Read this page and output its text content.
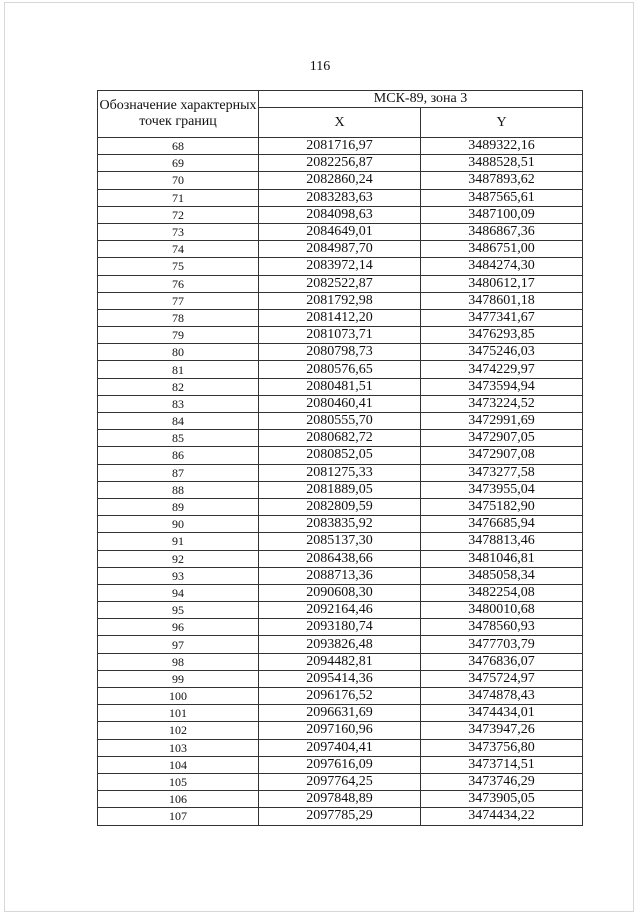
116
Обозначение характерных точек границ	МСК-89, зона 3	
	X	Y
68	2081716,97	3489322,16
69	2082256,87	3488528,51
70	2082860,24	3487893,62
71	2083283,63	3487565,61
72	2084098,63	3487100,09
73	2084649,01	3486867,36
74	2084987,70	3486751,00
75	2083972,14	3484274,30
76	2082522,87	3480612,17
77	2081792,98	3478601,18
78	2081412,20	3477341,67
79	2081073,71	3476293,85
80	2080798,73	3475246,03
81	2080576,65	3474229,97
82	2080481,51	3473594,94
83	2080460,41	3473224,52
84	2080555,70	3472991,69
85	2080682,72	3472907,05
86	2080852,05	3472907,08
87	2081275,33	3473277,58
88	2081889,05	3473955,04
89	2082809,59	3475182,90
90	2083835,92	3476685,94
91	2085137,30	3478813,46
92	2086438,66	3481046,81
93	2088713,36	3485058,34
94	2090608,30	3482254,08
95	2092164,46	3480010,68
96	2093180,74	3478560,93
97	2093826,48	3477703,79
98	2094482,81	3476836,07
99	2095414,36	3475724,97
100	2096176,52	3474878,43
101	2096631,69	3474434,01
102	2097160,96	3473947,26
103	2097404,41	3473756,80
104	2097616,09	3473714,51
105	2097764,25	3473746,29
106	2097848,89	3473905,05
107	2097785,29	3474434,22
